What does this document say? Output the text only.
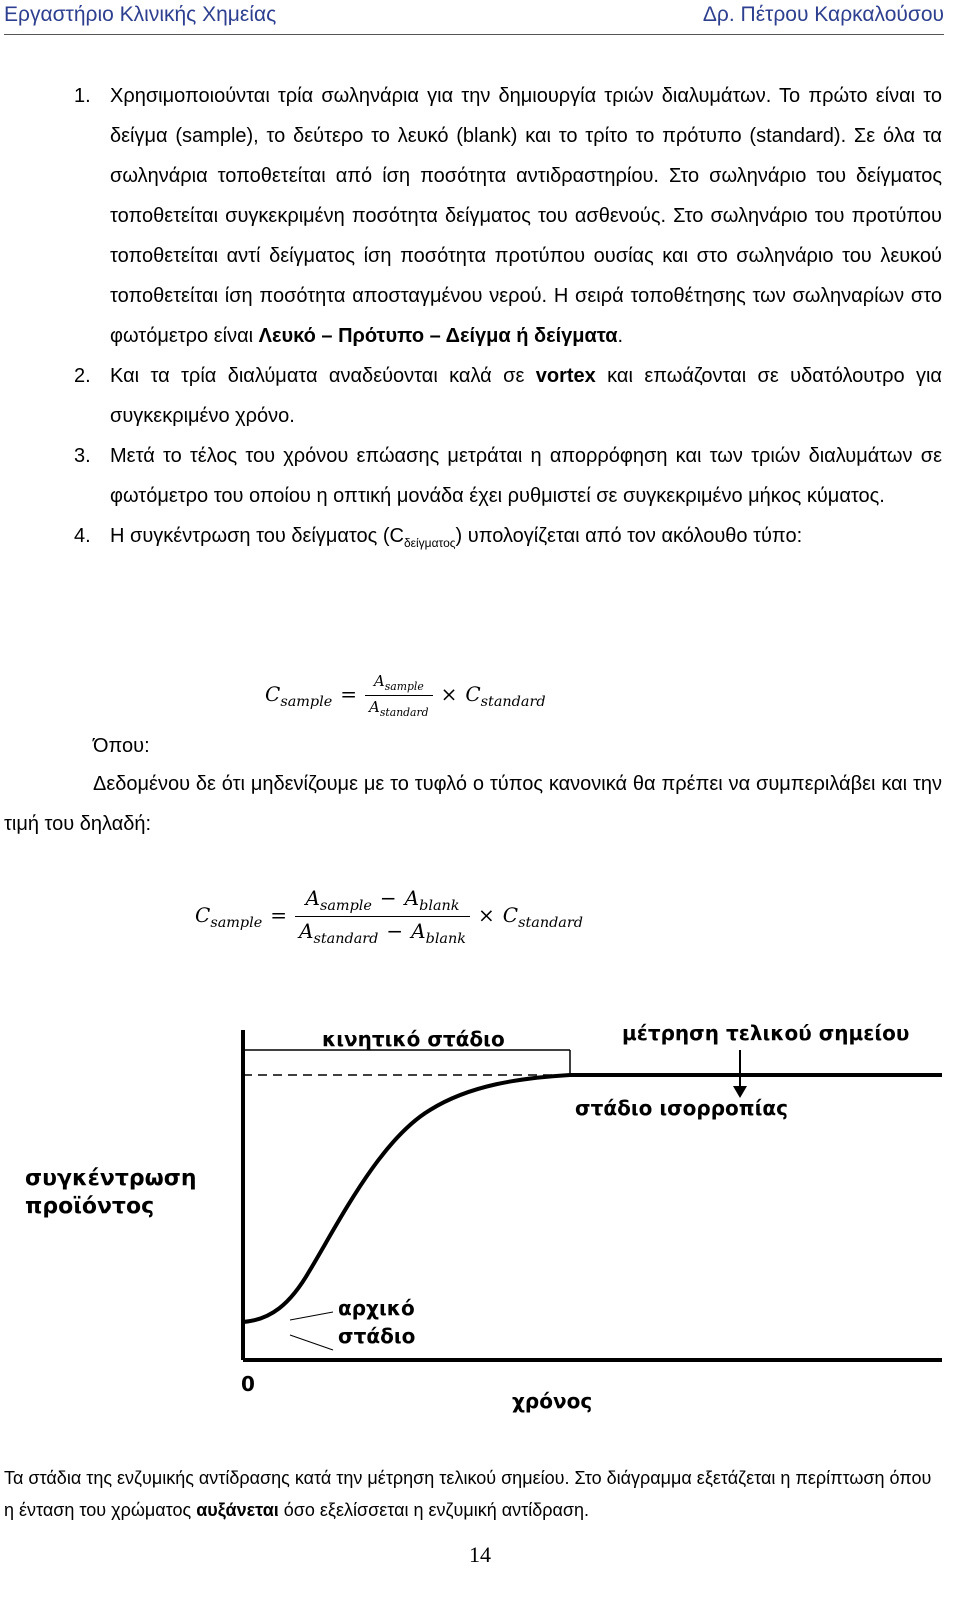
Εργαστήριο Κλινικής Χημείας	Δρ. Πέτρου Καρκαλούσου
1. Χρησιμοποιούνται τρία σωληνάρια για την δημιουργία τριών διαλυμάτων. Το πρώτο είναι το δείγμα (sample), το δεύτερο το λευκό (blank) και το τρίτο το πρότυπο (standard). Σε όλα τα σωληνάρια τοποθετείται από ίση ποσότητα αντιδραστηρίου. Στο σωληνάριο του δείγματος τοποθετείται συγκεκριμένη ποσότητα δείγματος του ασθενούς. Στο σωληνάριο του προτύπου τοποθετείται αντί δείγματος ίση ποσότητα προτύπου ουσίας και στο σωληνάριο του λευκού τοποθετείται ίση ποσότητα αποσταγμένου νερού. Η σειρά τοποθέτησης των σωληναρίων στο φωτόμετρο είναι Λευκό – Πρότυπο – Δείγμα ή δείγματα.
2. Και τα τρία διαλύματα αναδεύονται καλά σε vortex και επωάζονται σε υδατόλουτρο για συγκεκριμένο χρόνο.
3. Μετά το τέλος του χρόνου επώασης μετράται η απορρόφηση και των τριών διαλυμάτων σε φωτόμετρο του οποίου η οπτική μονάδα έχει ρυθμιστεί σε συγκεκριμένο μήκος κύματος.
4. Η συγκέντρωση του δείγματος $(C_{\delta\varepsilon ί\gamma\mu\alpha\tau o\varsigma})$ υπολογίζεται από τον ακόλουθο τύπο:
$C_{sample} = \frac{A_{sample}}{A_{standard}} \times C_{standard}$
Όπου:
Δεδομένου δε ότι μηδενίζουμε με το τυφλό ο τύπος κανονικά θα πρέπει να συμπεριλάβει και την τιμή του δηλαδή:
$C_{sample} = \frac{A_{sample} - A_{blank}}{A_{standard} - A_{blank}} \times C_{standard}$
κινητικό στάδιο	μέτρηση τελικού σημείου
στάδιο ισορροπίας
συγκέντρωση
προϊόντος
αρχικό
στάδιο
0
χρόνος
Τα στάδια της ενζυμικής αντίδρασης κατά την μέτρηση τελικού σημείου. Στο διάγραμμα εξετάζεται η περίπτωση όπου η ένταση του χρώματος αυξάνεται όσο εξελίσσεται η ενζυμική αντίδραση.
14
